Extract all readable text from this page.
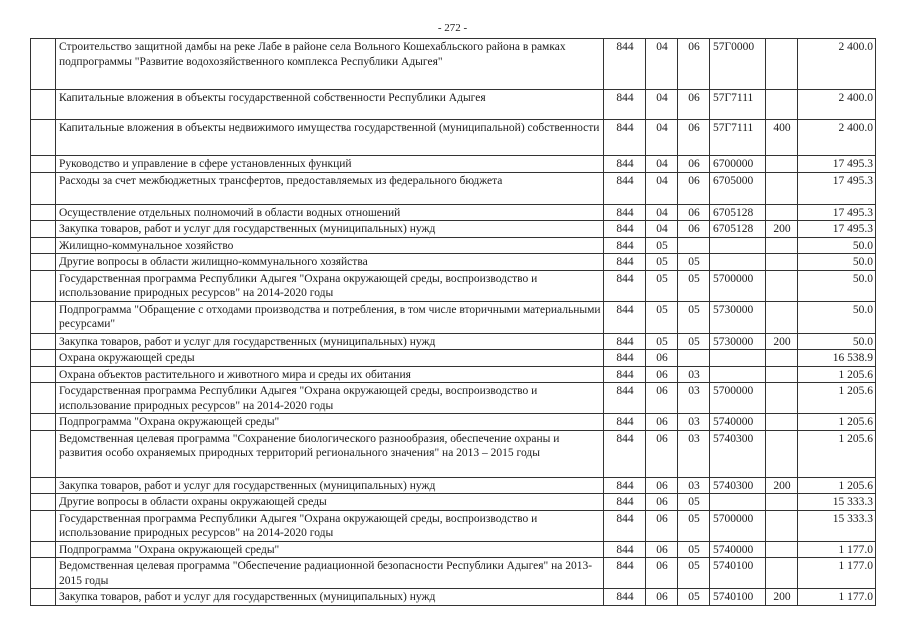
- 272 -
	Строительство защитной дамбы на реке Лабе в районе села Вольного Кошехабльского района в рамках подпрограммы "Развитие водохозяйственного комплекса Республики Адыгея"	844	04	06	57Г0000		2 400.0
	Капитальные вложения в объекты государственной собственности Республики Адыгея	844	04	06	57Г7111		2 400.0
	Капитальные вложения в объекты недвижимого имущества государственной (муниципальной) собственности	844	04	06	57Г7111	400	2 400.0
	Руководство и управление в сфере установленных функций	844	04	06	6700000		17 495.3
	Расходы за счет межбюджетных трансфертов, предоставляемых из федерального бюджета	844	04	06	6705000		17 495.3
	Осуществление отдельных полномочий в области водных отношений	844	04	06	6705128		17 495.3
	Закупка товаров, работ и услуг для государственных (муниципальных) нужд	844	04	06	6705128	200	17 495.3
	Жилищно-коммунальное хозяйство	844	05				50.0
	Другие вопросы в области жилищно-коммунального хозяйства	844	05	05			50.0
	Государственная программа Республики Адыгея "Охрана окружающей среды, воспроизводство и использование природных ресурсов" на 2014-2020 годы	844	05	05	5700000		50.0
	Подпрограмма "Обращение с отходами производства и потребления, в том числе вторичными материальными ресурсами"	844	05	05	5730000		50.0
	Закупка товаров, работ и услуг для государственных (муниципальных) нужд	844	05	05	5730000	200	50.0
	Охрана окружающей среды	844	06				16 538.9
	Охрана объектов растительного и животного мира и среды их обитания	844	06	03			1 205.6
	Государственная программа Республики Адыгея "Охрана окружающей среды, воспроизводство и использование природных ресурсов" на 2014-2020 годы	844	06	03	5700000		1 205.6
	Подпрограмма "Охрана окружающей среды"	844	06	03	5740000		1 205.6
	Ведомственная целевая программа "Сохранение биологического разнообразия, обеспечение охраны и развития особо охраняемых природных территорий регионального значения" на 2013 – 2015 годы	844	06	03	5740300		1 205.6
	Закупка товаров, работ и услуг для государственных (муниципальных) нужд	844	06	03	5740300	200	1 205.6
	Другие вопросы в области охраны окружающей среды	844	06	05			15 333.3
	Государственная программа Республики Адыгея "Охрана окружающей среды, воспроизводство и использование природных ресурсов" на 2014-2020 годы	844	06	05	5700000		15 333.3
	Подпрограмма "Охрана окружающей среды"	844	06	05	5740000		1 177.0
	Ведомственная целевая программа "Обеспечение радиационной безопасности Республики Адыгея" на 2013-2015 годы	844	06	05	5740100		1 177.0
	Закупка товаров, работ и услуг для государственных (муниципальных) нужд	844	06	05	5740100	200	1 177.0
